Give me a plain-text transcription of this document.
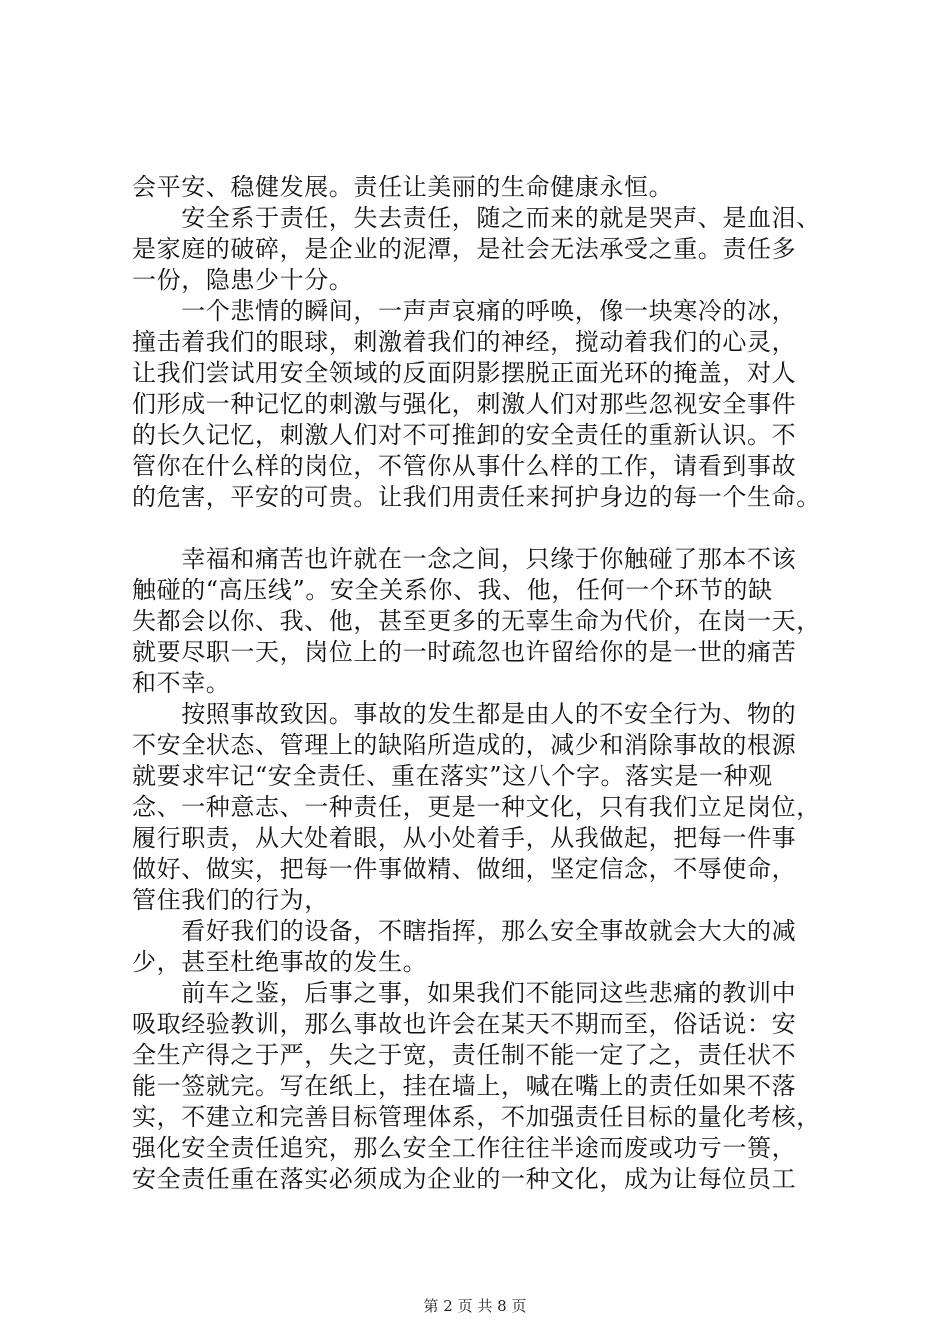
会平安、稳健发展。责任让美丽的生命健康永恒。
　　安全系于责任，失去责任，随之而来的就是哭声、是血泪、
是家庭的破碎，是企业的泥潭，是社会无法承受之重。责任多
一份，隐患少十分。
　　一个悲情的瞬间，一声声哀痛的呼唤，像一块寒冷的冰，
撞击着我们的眼球，刺激着我们的神经，搅动着我们的心灵，
让我们尝试用安全领域的反面阴影摆脱正面光环的掩盖，对人
们形成一种记忆的刺激与强化，刺激人们对那些忽视安全事件
的长久记忆，刺激人们对不可推卸的安全责任的重新认识。不
管你在什么样的岗位，不管你从事什么样的工作，请看到事故
的危害，平安的可贵。让我们用责任来抲护身边的每一个生命。
　　幸福和痛苦也许就在一念之间，只缘于你触碰了那本不该
触碰的“高压线”。安全关系你、我、他，任何一个环节的缺
失都会以你、我、他，甚至更多的无辜生命为代价，在岗一天，
就要尽职一天，岗位上的一时疏忽也许留给你的是一世的痛苦
和不幸。
　　按照事故致因。事故的发生都是由人的不安全行为、物的
不安全状态、管理上的缺陷所造成的，减少和消除事故的根源
就要求牢记“安全责任、重在落实”这八个字。落实是一种观
念、一种意志、一种责任，更是一种文化，只有我们立足岗位，
履行职责，从大处着眼，从小处着手，从我做起，把每一件事
做好、做实，把每一件事做精、做细，坚定信念，不辱使命，
管住我们的行为，
　　看好我们的设备，不瞎指挥，那么安全事故就会大大的减
少，甚至杜绝事故的发生。
　　前车之鉴，后事之事，如果我们不能同这些悲痛的教训中
吸取经验教训，那么事故也许会在某天不期而至，俗话说：安
全生产得之于严，失之于宽，责任制不能一定了之，责任状不
能一签就完。写在纸上，挂在墙上，喊在嘴上的责任如果不落
实，不建立和完善目标管理体系，不加强责任目标的量化考核，
强化安全责任追究，那么安全工作往往半途而废或功亏一篑，
安全责任重在落实必须成为企业的一种文化，成为让每位员工
第 2 页 共 8 页
